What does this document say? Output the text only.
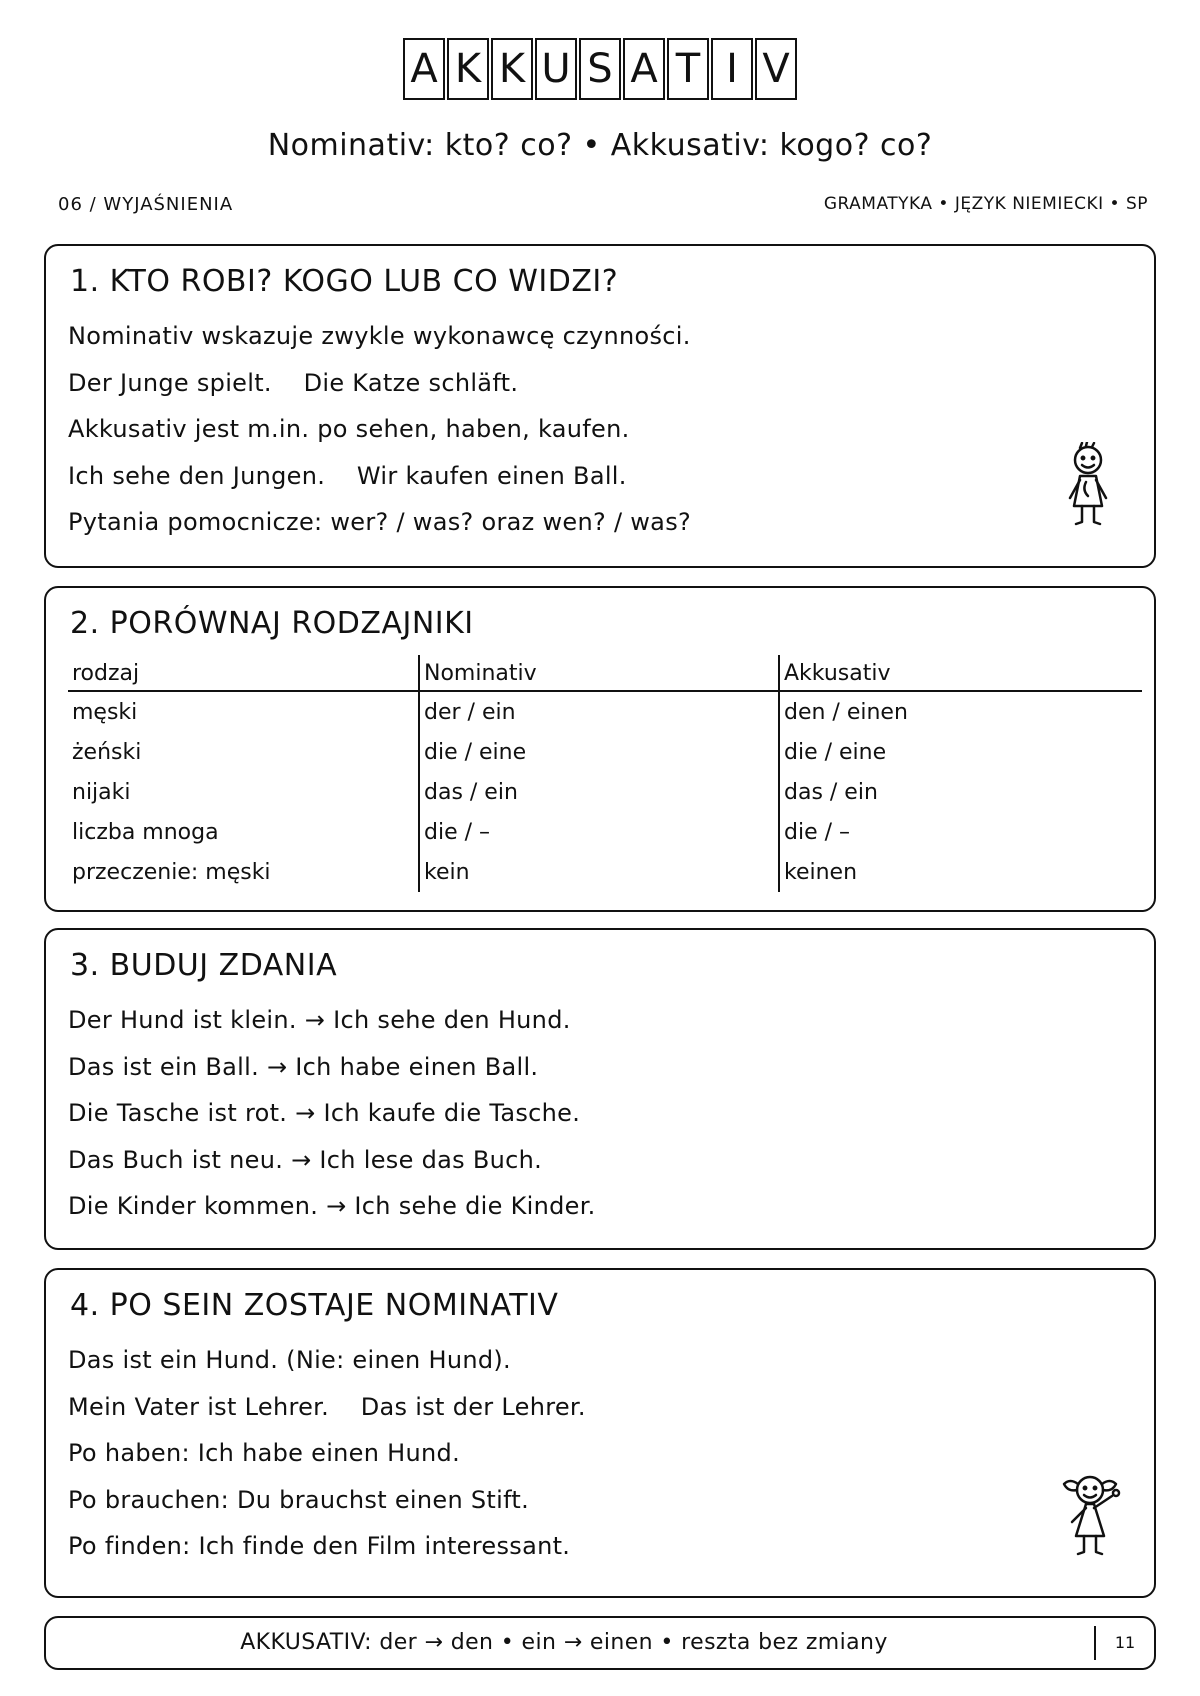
A K K U S A T I V
Nominativ: kto? co? • Akkusativ: kogo? co?
06 / WYJAŚNIENIA	GRAMATYKA • JĘZYK NIEMIECKI • SP
1. KTO ROBI? KOGO LUB CO WIDZI?
Nominativ wskazuje zwykle wykonawcę czynności.
Der Junge spielt.    Die Katze schläft.
Akkusativ jest m.in. po sehen, haben, kaufen.
Ich sehe den Jungen.    Wir kaufen einen Ball.
Pytania pomocnicze: wer? / was? oraz wen? / was?
2. PORÓWNAJ RODZAJNIKI
rodzaj	Nominativ	Akkusativ
męski	der / ein	den / einen
żeński	die / eine	die / eine
nijaki	das / ein	das / ein
liczba mnoga	die / –	die / –
przeczenie: męski	kein	keinen
3. BUDUJ ZDANIA
Der Hund ist klein. → Ich sehe den Hund.
Das ist ein Ball. → Ich habe einen Ball.
Die Tasche ist rot. → Ich kaufe die Tasche.
Das Buch ist neu. → Ich lese das Buch.
Die Kinder kommen. → Ich sehe die Kinder.
4. PO SEIN ZOSTAJE NOMINATIV
Das ist ein Hund. (Nie: einen Hund).
Mein Vater ist Lehrer.    Das ist der Lehrer.
Po haben: Ich habe einen Hund.
Po brauchen: Du brauchst einen Stift.
Po finden: Ich finde den Film interessant.
AKKUSATIV: der → den • ein → einen • reszta bez zmiany	11
